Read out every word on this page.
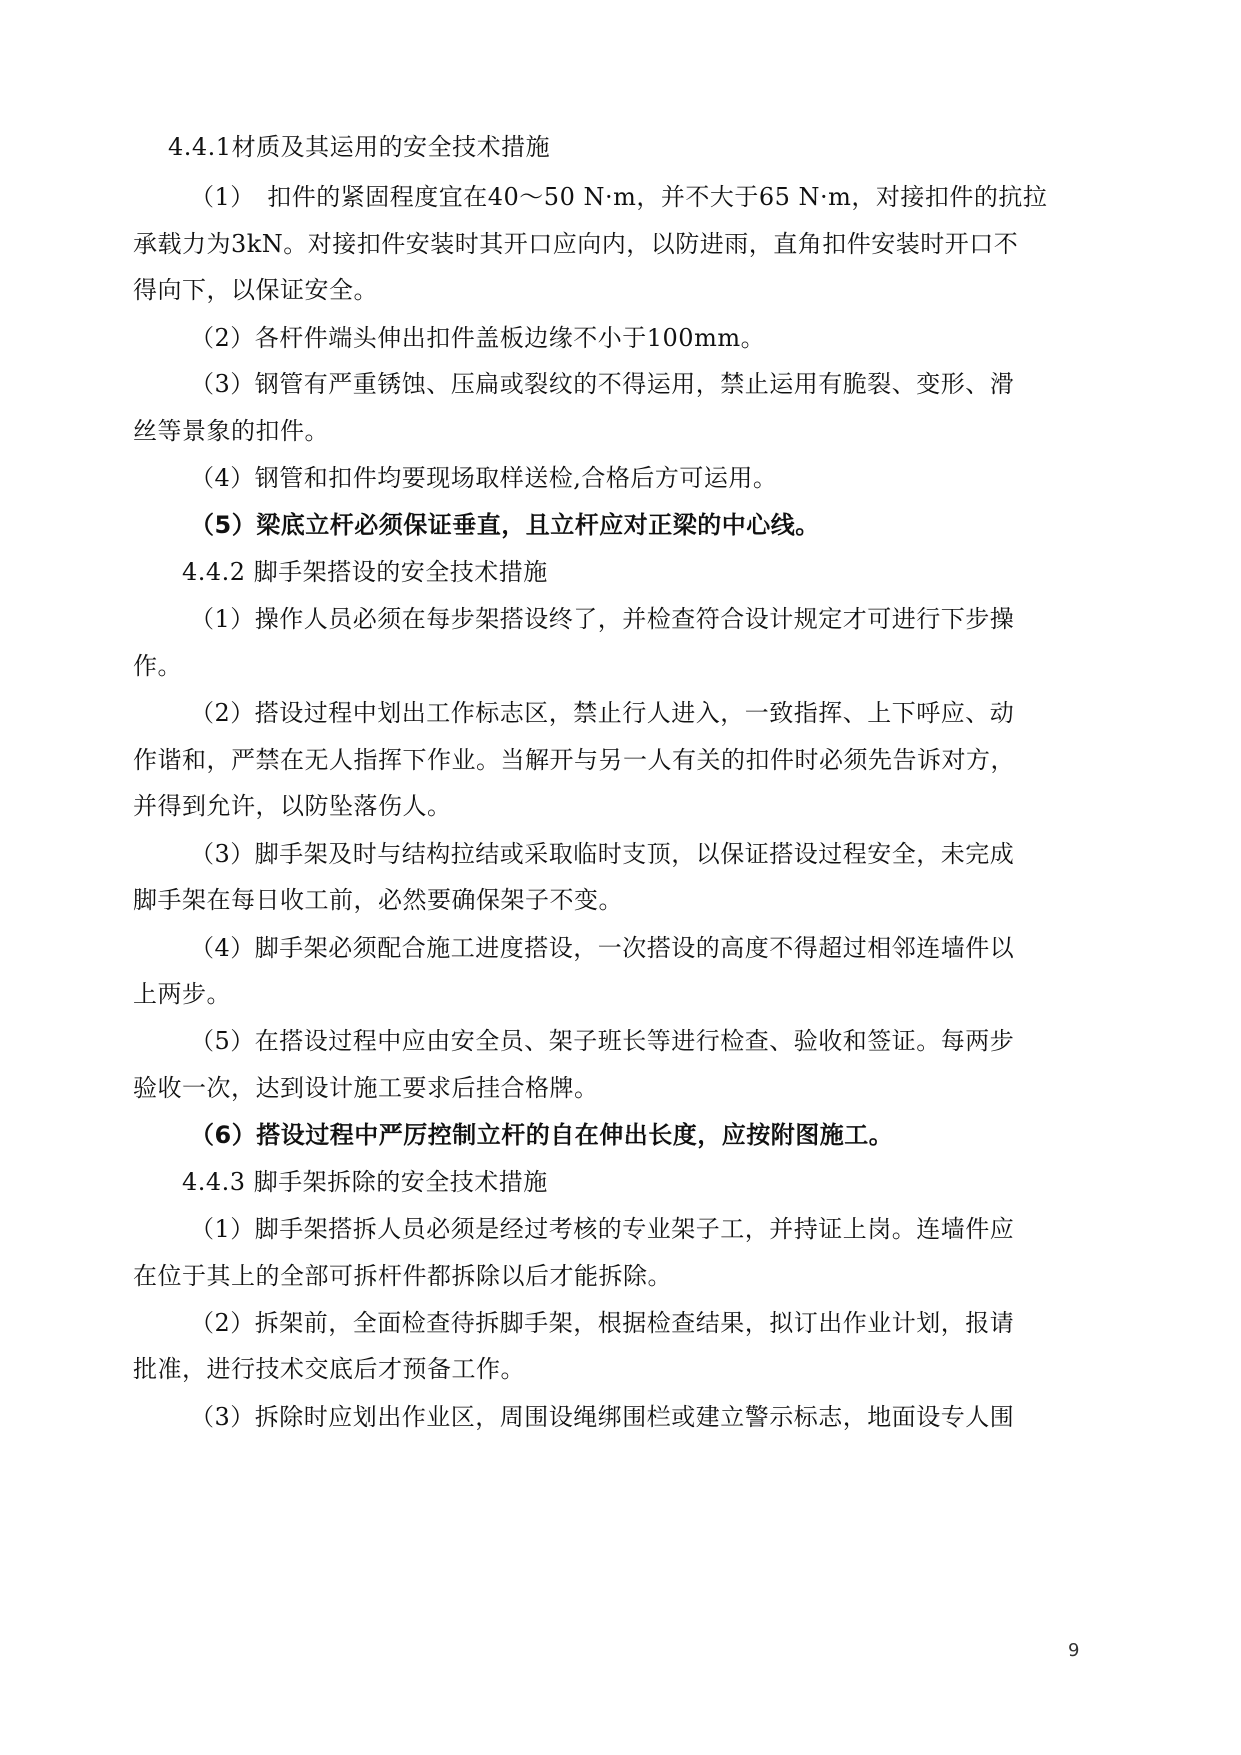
4.4.1材质及其运用的安全技术措施
（1）　扣件的紧固程度宜在40～50 N·m，并不大于65 N·m，对接扣件的抗拉
承载力为3kN。对接扣件安装时其开口应向内，以防进雨，直角扣件安装时开口不
得向下，以保证安全。
（2）各杆件端头伸出扣件盖板边缘不小于100mm。
（3）钢管有严重锈蚀、压扁或裂纹的不得运用，禁止运用有脆裂、变形、滑
丝等景象的扣件。
（4）钢管和扣件均要现场取样送检,合格后方可运用。
（5）梁底立杆必须保证垂直，且立杆应对正梁的中心线。
4.4.2 脚手架搭设的安全技术措施
（1）操作人员必须在每步架搭设终了，并检查符合设计规定才可进行下步操
作。
（2）搭设过程中划出工作标志区，禁止行人进入，一致指挥、上下呼应、动
作谐和，严禁在无人指挥下作业。当解开与另一人有关的扣件时必须先告诉对方，
并得到允许，以防坠落伤人。
（3）脚手架及时与结构拉结或采取临时支顶，以保证搭设过程安全，未完成
脚手架在每日收工前，必然要确保架子不变。
（4）脚手架必须配合施工进度搭设，一次搭设的高度不得超过相邻连墙件以
上两步。
（5）在搭设过程中应由安全员、架子班长等进行检查、验收和签证。每两步
验收一次，达到设计施工要求后挂合格牌。
（6）搭设过程中严厉控制立杆的自在伸出长度，应按附图施工。
4.4.3 脚手架拆除的安全技术措施
（1）脚手架搭拆人员必须是经过考核的专业架子工，并持证上岗。连墙件应
在位于其上的全部可拆杆件都拆除以后才能拆除。
（2）拆架前，全面检查待拆脚手架，根据检查结果，拟订出作业计划，报请
批准，进行技术交底后才预备工作。
（3）拆除时应划出作业区，周围设绳绑围栏或建立警示标志，地面设专人围
9
